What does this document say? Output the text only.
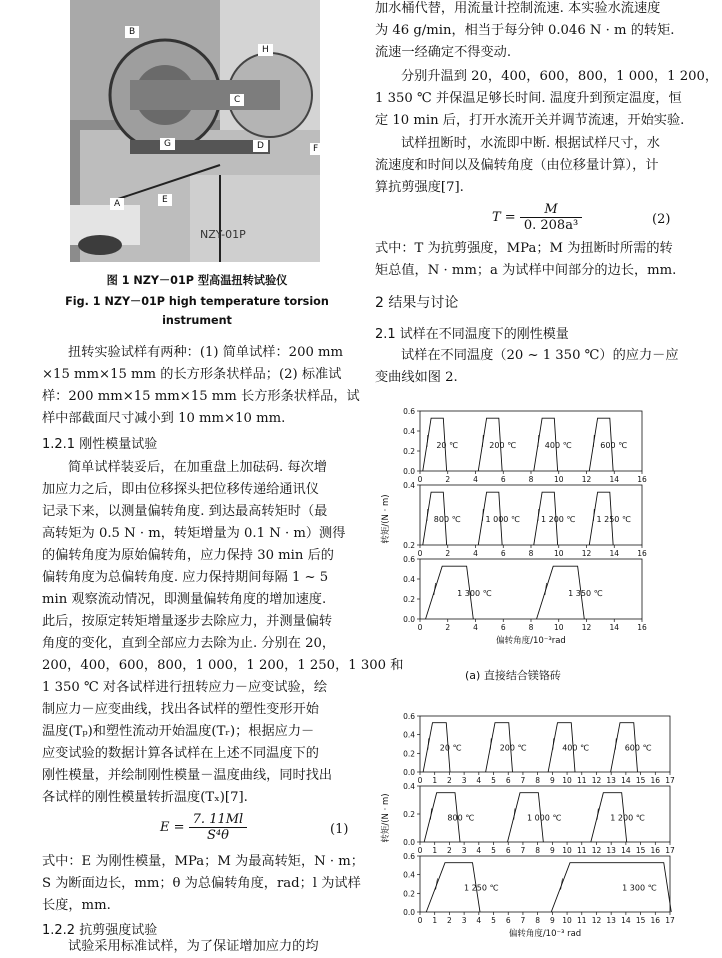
B
H
G
C
D
E
A
F
NZY-01P
图 1 NZY－01P 型高温扭转试验仪
Fig. 1 NZY－01P high temperature torsion
instrument

扭转实验试样有两种：(1) 简单试样：200 mm

×15 mm×15 mm 的长方形条状样品；(2) 标准试

样：200 mm×15 mm×15 mm 长方形条状样品，试

样中部截面尺寸减小到 10 mm×10 mm.

1.2.1 刚性模量试验

简单试样装妥后，在加重盘上加砝码. 每次增

加应力之后，即由位移探头把位移传递给通讯仪

记录下来，以测量偏转角度. 到达最高转矩时（最

高转矩为 0.5 N · m，转矩增量为 0.1 N · m）测得

的偏转角度为原始偏转角，应力保持 30 min 后的

偏转角度为总偏转角度. 应力保持期间每隔 1 ~ 5

min 观察流动情况，即测量偏转角度的增加速度.

此后，按原定转矩增量逐步去除应力，并测量偏转

角度的变化，直到全部应力去除为止. 分别在 20，

200，400，600，800，1 000，1 200，1 250，1 300 和

1 350 ℃ 对各试样进行扭转应力－应变试验，绘

制应力－应变曲线，找出各试样的塑性变形开始

温度(Tₚ)和塑性流动开始温度(Tᵣ)；根据应力－

应变试验的数据计算各试样在上述不同温度下的

刚性模量，并绘制刚性模量－温度曲线，同时找出

各试样的刚性模量转折温度(Tₓ)[7].

$E = \frac{7. 11Ml}{\text{S⁴θ}}$	(1)

式中：E 为刚性模量，MPa；M 为最高转矩，N · m；

S 为断面边长，mm；θ 为总偏转角度，rad；l 为试样

长度，mm.

1.2.2 抗剪强度试验

试验采用标准试样，为了保证增加应力的均

加水桶代替，用流量计控制流速. 本实验水流速度

为 46 g/min，相当于每分钟 0.046 N · m 的转矩.

流速一经确定不得变动.

分别升温到 20，400，600，800，1 000，1 200，

1 350 ℃ 并保温足够长时间. 温度升到预定温度，恒

定 10 min 后，打开水流开关并调节流速，开始实验.

试样扭断时，水流即中断. 根据试样尺寸，水

流速度和时间以及偏转角度（由位移量计算），计

算抗剪强度[7].

$T = \frac{M}{\text{0. 208a³}}$	(2)

式中：T 为抗剪强度，MPa；M 为扭断时所需的转

矩总值，N · mm；a 为试样中间部分的边长，mm.

2 结果与讨论
2.1 试样在不同温度下的刚性模量

试样在不同温度（20 ~ 1 350 ℃）的应力－应

变曲线如图 2.

0.0
0.2
0.4
0.6
0	2	4	6	8	10 12 14 16
20 ℃	200 ℃	400 ℃	600 ℃
0.2
0.4
0	2	4	6	8	10 12 14 16
800 ℃	1 000 ℃	1 200 ℃	1 250 ℃
0.0
0.2
0.4
0.6
0	2	4	6	8	10 12 14 16
1 300 ℃	1 350 ℃
偏转角度/10⁻³rad
转矩/(N · m)
(a) 直接结合镁铬砖
0.0
0.2
0.4
0.6
0 1 2 3 4 5 6 7 8 9 10 11 12 13 14 15 16 17
20 ℃	200 ℃	400 ℃	600 ℃
0.0
0.2
0.4
0 1 2 3 4 5 6 7 8 9 10 11 12 13 14 15 16 17
800 ℃	1 000 ℃	1 200 ℃
0.0
0.2
0.4
0.6
0 1 2 3 4 5 6 7 8 9 10 11 12 13 14 15 16 17
1 250 ℃	1 300 ℃
偏转角度/10⁻³ rad
转矩/(N · m)
